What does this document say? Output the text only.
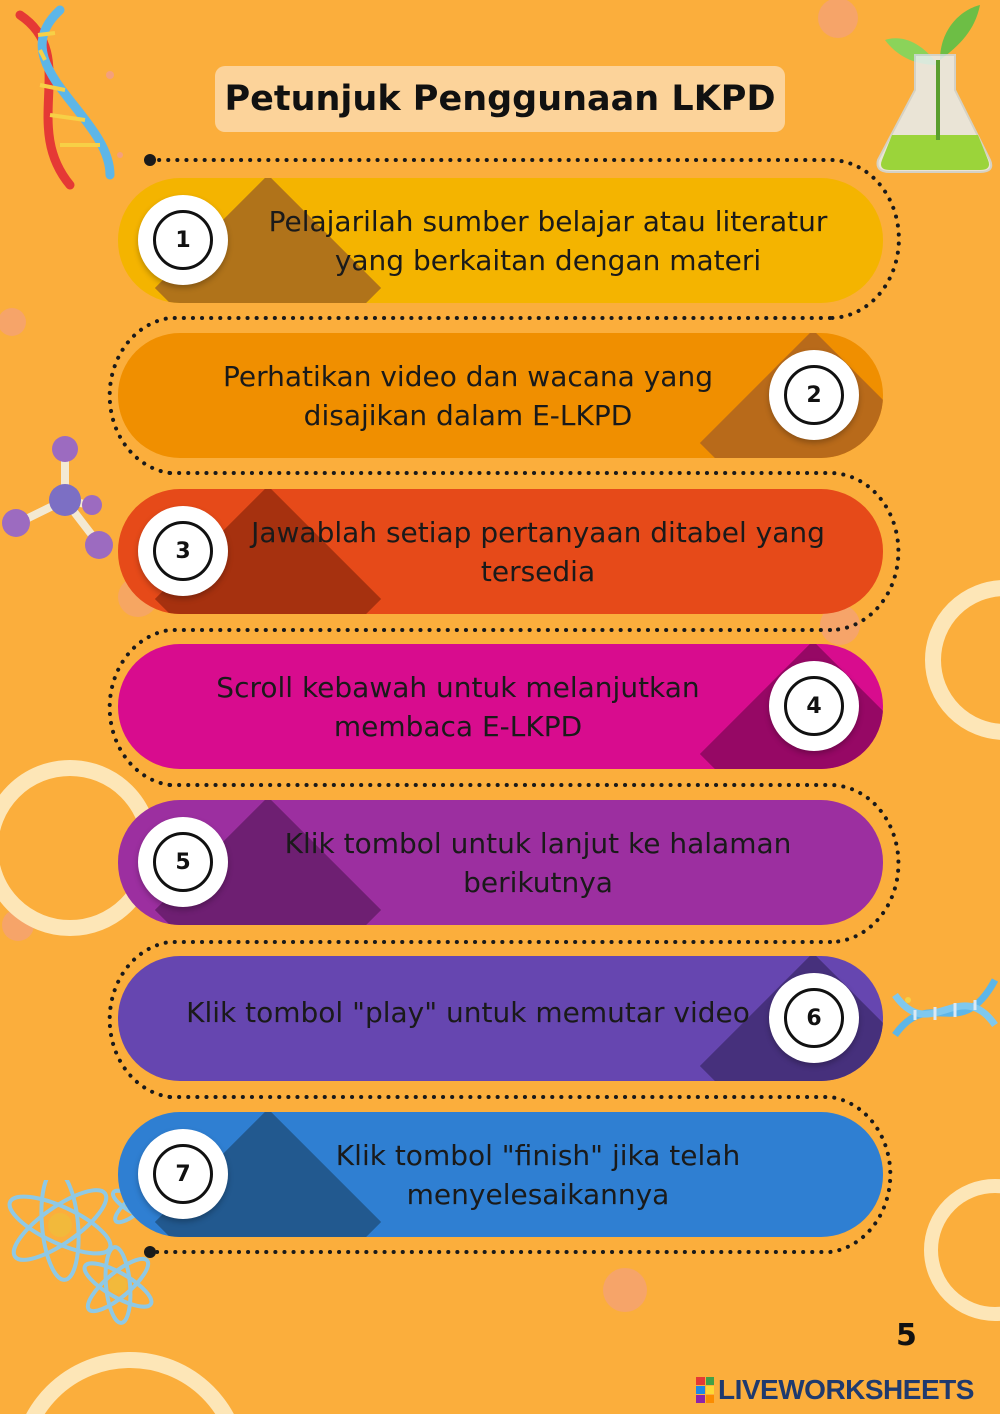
Petunjuk Penggunaan LKPD
1
Pelajarilah sumber belajar atau literatur yang berkaitan dengan materi
2
Perhatikan video dan wacana yang disajikan dalam E-LKPD
3
Jawablah setiap pertanyaan ditabel yang tersedia
4
Scroll kebawah untuk melanjutkan membaca E-LKPD
5
Klik tombol untuk lanjut ke halaman berikutnya
6
Klik tombol "play" untuk memutar video
7
Klik tombol "finish" jika telah menyelesaikannya
5
LIVEWORKSHEETS
